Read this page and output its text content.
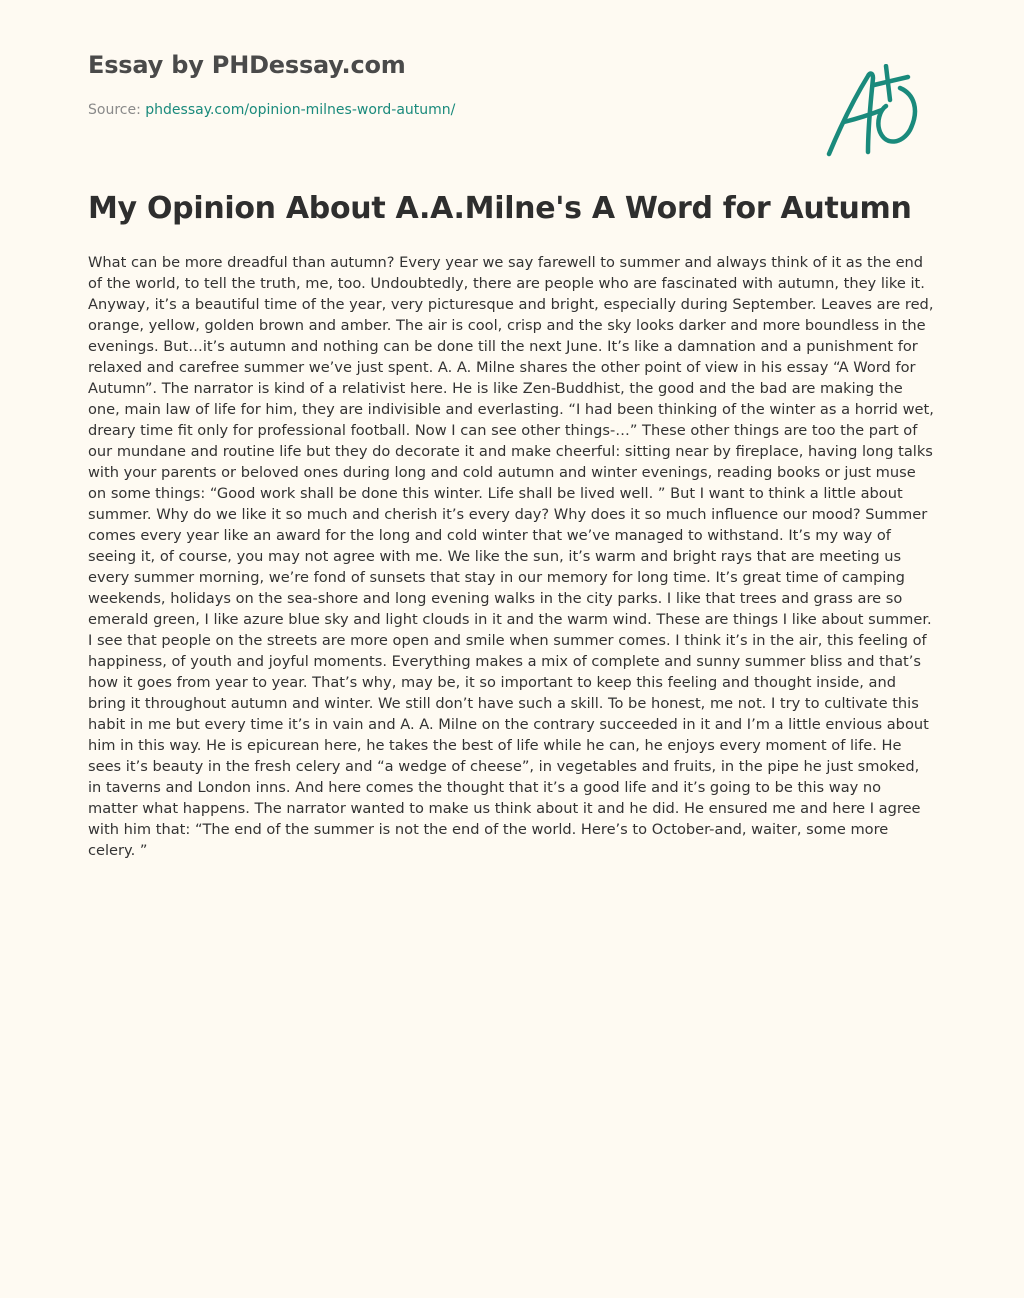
Essay by PHDessay.com
Source: phdessay.com/opinion-milnes-word-autumn/
My Opinion About A.A.Milne's A Word for Autumn

What can be more dreadful than autumn? Every year we say farewell to summer and always think of it as the end of the world, to tell the truth, me, too. Undoubtedly, there are people who are fascinated with autumn, they like it. Anyway, it’s a beautiful time of the year, very picturesque and bright, especially during September. Leaves are red, orange, yellow, golden brown and amber. The air is cool, crisp and the sky looks darker and more boundless in the evenings. But…it’s autumn and nothing can be done till the next June. It’s like a damnation and a punishment for relaxed and carefree summer we’ve just spent. A. A. Milne shares the other point of view in his essay “A Word for Autumn”. The narrator is kind of a relativist here. He is like Zen-Buddhist, the good and the bad are making the one, main law of life for him, they are indivisible and everlasting. “I had been thinking of the winter as a horrid wet, dreary time fit only for professional football. Now I can see other things-…” These other things are too the part of our mundane and routine life but they do decorate it and make cheerful: sitting near by fireplace, having long talks with your parents or beloved ones during long and cold autumn and winter evenings, reading books or just muse on some things: “Good work shall be done this winter. Life shall be lived well. ” But I want to think a little about summer. Why do we like it so much and cherish it’s every day? Why does it so much influence our mood? Summer comes every year like an award for the long and cold winter that we’ve managed to withstand. It’s my way of seeing it, of course, you may not agree with me. We like the sun, it’s warm and bright rays that are meeting us every summer morning, we’re fond of sunsets that stay in our memory for long time. It’s great time of camping weekends, holidays on the sea-shore and long evening walks in the city parks. I like that trees and grass are so emerald green, I like azure blue sky and light clouds in it and the warm wind. These are things I like about summer. I see that people on the streets are more open and smile when summer comes. I think it’s in the air, this feeling of happiness, of youth and joyful moments. Everything makes a mix of complete and sunny summer bliss and that’s how it goes from year to year. That’s why, may be, it so important to keep this feeling and thought inside, and bring it throughout autumn and winter. We still don’t have such a skill. To be honest, me not. I try to cultivate this habit in me but every time it’s in vain and A. A. Milne on the contrary succeeded in it and I’m a little envious about him in this way. He is epicurean here, he takes the best of life while he can, he enjoys every moment of life. He sees it’s beauty in the fresh celery and “a wedge of cheese”, in vegetables and fruits, in the pipe he just smoked, in taverns and London inns. And here comes the thought that it’s a good life and it’s going to be this way no matter what happens. The narrator wanted to make us think about it and he did. He ensured me and here I agree with him that: “The end of the summer is not the end of the world. Here’s to October-and, waiter, some more celery. ”
